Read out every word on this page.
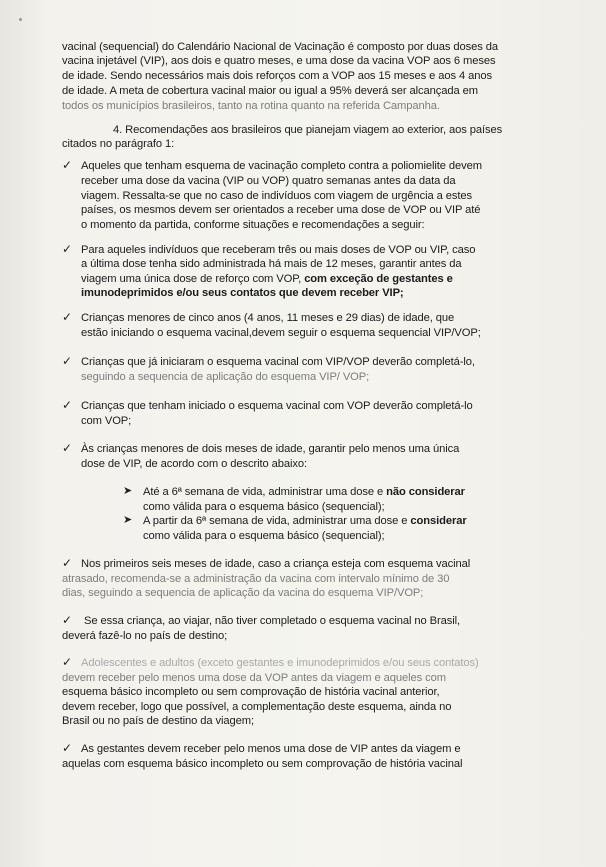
vacinal (sequencial) do Calendário Nacional de Vacinação é composto por duas doses da
vacina injetável (VIP), aos dois e quatro meses, e uma dose da vacina VOP aos 6 meses
de idade. Sendo necessários mais dois reforços com a VOP aos 15 meses e aos 4 anos
de idade. A meta de cobertura vacinal maior ou igual a 95% deverá ser alcançada em
todos os municípios brasileiros, tanto na rotina quanto na referida Campanha.
4. Recomendações aos brasileiros que pianejam viagem ao exterior, aos países
citados no parágrafo 1:
✓ Aqueles que tenham esquema de vacinação completo contra a poliomielite devem
receber uma dose da vacina (VIP ou VOP) quatro semanas antes da data da
viagem. Ressalta-se que no caso de indivíduos com viagem de urgência a estes
países, os mesmos devem ser orientados a receber uma dose de VOP ou VIP até
o momento da partida, conforme situações e recomendações a seguir:
✓ Para aqueles indivíduos que receberam três ou mais doses de VOP ou VIP, caso
a última dose tenha sido administrada há mais de 12 meses, garantir antes da
viagem uma única dose de reforço com VOP, com exceção de gestantes e
imunodeprimidos e/ou seus contatos que devem receber VIP;
✓ Crianças menores de cinco anos (4 anos, 11 meses e 29 dias) de idade, que
estão iniciando o esquema vacinal,devem seguir o esquema sequencial VIP/VOP;
✓ Crianças que já iniciaram o esquema vacinal com VIP/VOP deverão completá-lo,
seguindo a sequencia de aplicação do esquema VIP/ VOP;
✓ Crianças que tenham iniciado o esquema vacinal com VOP deverão completá-lo
com VOP;
✓ Às crianças menores de dois meses de idade, garantir pelo menos uma única
dose de VIP, de acordo com o descrito abaixo:
➤ Até a 6ª semana de vida, administrar uma dose e não considerar
como válida para o esquema básico (sequencial);
➤ A partir da 6ª semana de vida, administrar uma dose e considerar
como válida para o esquema básico (sequencial);
✓ Nos primeiros seis meses de idade, caso a criança esteja com esquema vacinal
atrasado, recomenda-se a administração da vacina com intervalo mínimo de 30
dias, seguindo a sequencia de aplicação da vacina do esquema VIP/VOP;
✓ Se essa criança, ao viajar, não tiver completado o esquema vacinal no Brasil,
deverá fazê-lo no país de destino;
✓ Adolescentes e adultos (exceto gestantes e imunodeprimidos e/ou seus contatos)
devem receber pelo menos uma dose da VOP antes da viagem e aqueles com
esquema básico incompleto ou sem comprovação de história vacinal anterior,
devem receber, logo que possível, a complementação deste esquema, ainda no
Brasil ou no país de destino da viagem;
✓ As gestantes devem receber pelo menos uma dose de VIP antes da viagem e
aquelas com esquema básico incompleto ou sem comprovação de história vacinal
